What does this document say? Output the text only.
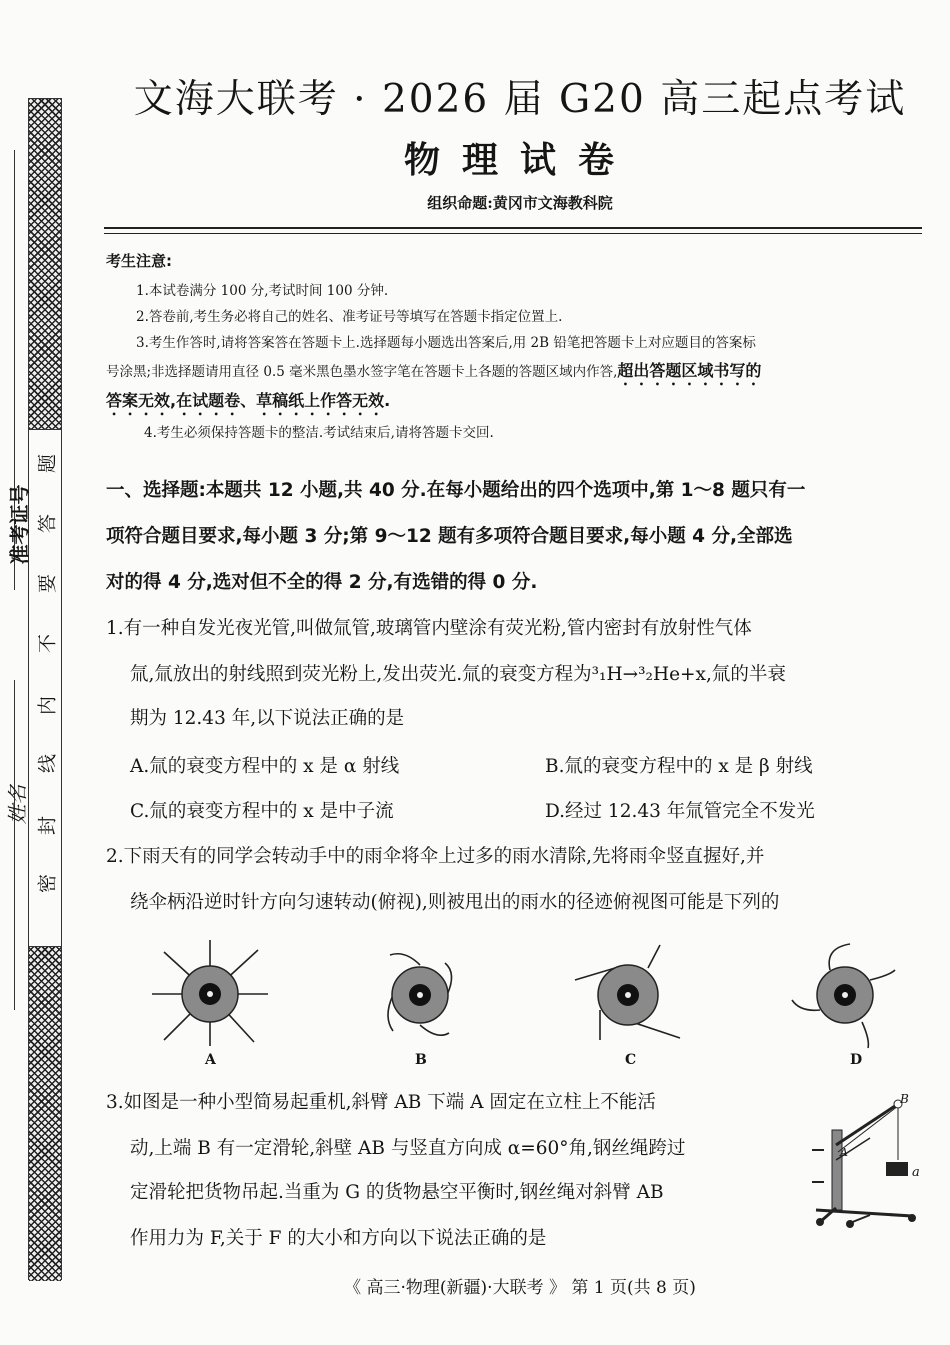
题
答
要
不
内
线
封
密
准考证号
姓名
文海大联考 · 2026 届 G20 高三起点考试
物理试卷
组织命题:黄冈市文海教科院
考生注意:
1.本试卷满分 100 分,考试时间 100 分钟.
2.答卷前,考生务必将自己的姓名、准考证号等填写在答题卡指定位置上.
3.考生作答时,请将答案答在答题卡上.选择题每小题选出答案后,用 2B 铅笔把答题卡上对应题目的答案标
号涂黑;非选择题请用直径 0.5 毫米黑色墨水签字笔在答题卡上各题的答题区域内作答,超出答题区域书写的
答案无效,在试题卷、草稿纸上作答无效.
4.考生必须保持答题卡的整洁.考试结束后,请将答题卡交回.
一、选择题:本题共 12 小题,共 40 分.在每小题给出的四个选项中,第 1～8 题只有一
项符合题目要求,每小题 3 分;第 9～12 题有多项符合题目要求,每小题 4 分,全部选
对的得 4 分,选对但不全的得 2 分,有选错的得 0 分.
1.有一种自发光夜光管,叫做氚管,玻璃管内壁涂有荧光粉,管内密封有放射性气体
氚,氚放出的射线照到荧光粉上,发出荧光.氚的衰变方程为³₁H→³₂He+x,氚的半衰
期为 12.43 年,以下说法正确的是
A.氚的衰变方程中的 x 是 α 射线	B.氚的衰变方程中的 x 是 β 射线
C.氚的衰变方程中的 x 是中子流	D.经过 12.43 年氚管完全不发光
2.下雨天有的同学会转动手中的雨伞将伞上过多的雨水清除,先将雨伞竖直握好,并
绕伞柄沿逆时针方向匀速转动(俯视),则被甩出的雨水的径迹俯视图可能是下列的
A	B	C	D
3.如图是一种小型简易起重机,斜臂 AB 下端 A 固定在立柱上不能活
动,上端 B 有一定滑轮,斜壁 AB 与竖直方向成 α=60°角,钢丝绳跨过
定滑轮把货物吊起.当重为 G 的货物悬空平衡时,钢丝绳对斜臂 AB
作用力为 F,关于 F 的大小和方向以下说法正确的是
B
A
a
《 高三·物理(新疆)·大联考 》 第 1 页(共 8 页)
